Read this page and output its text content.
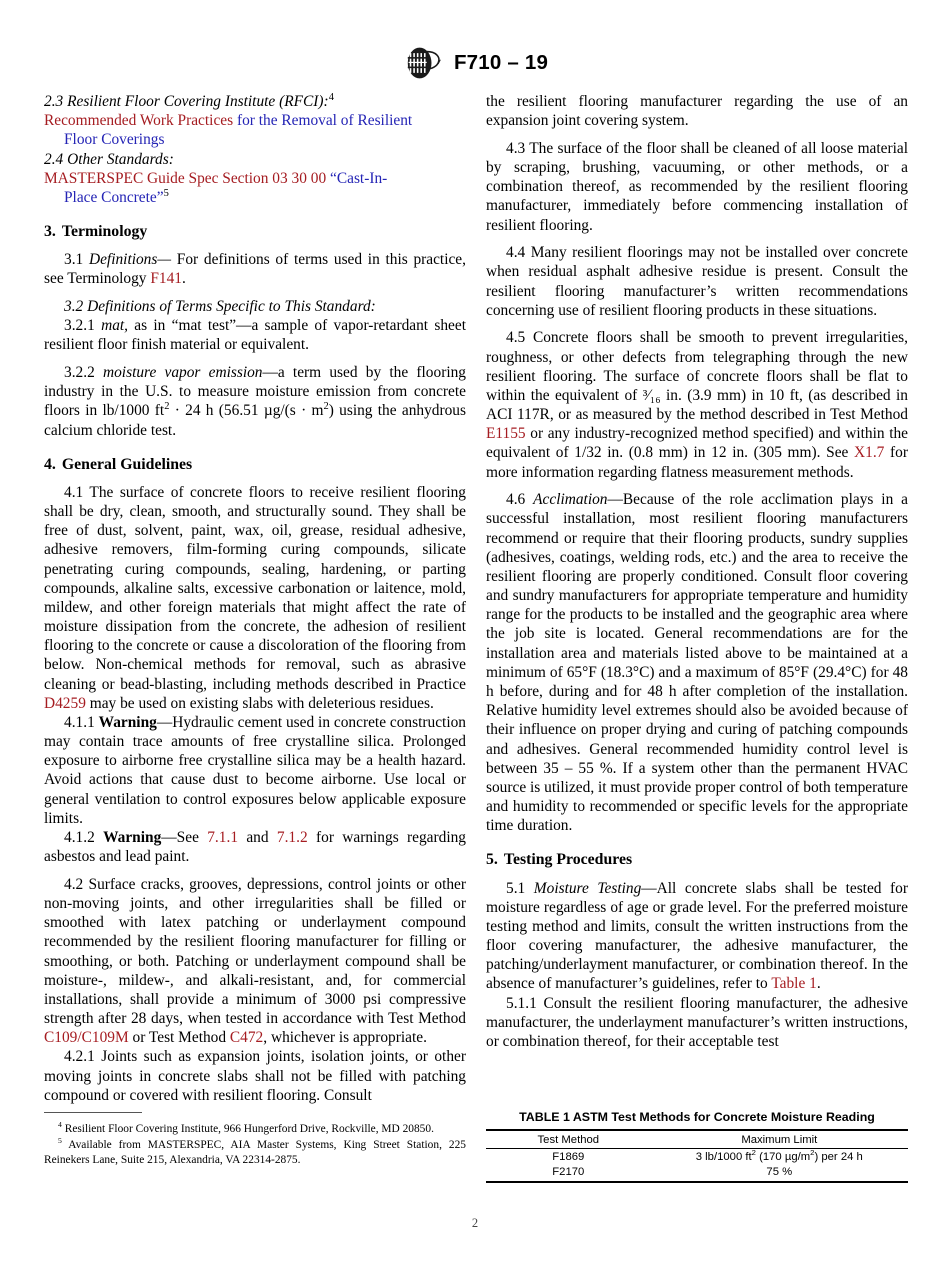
F710 – 19

2.3 Resilient Floor Covering Institute (RFCI):$^4$

Recommended Work Practices for the Removal of Resilient

Floor Coverings

2.4 Other Standards:

MASTERSPEC Guide Spec Section 03 30 00 “Cast-In-

Place Concrete”$^5$

3. Terminology

3.1 Definitions— For definitions of terms used in this practice, see Terminology F141.

3.2 Definitions of Terms Specific to This Standard:

3.2.1 mat, as in “mat test”—a sample of vapor-retardant sheet resilient floor finish material or equivalent.

3.2.2 moisture vapor emission—a term used by the flooring industry in the U.S. to measure moisture emission from concrete floors in lb/1000 $ft^2 \cdot 24$ h (56.51 $\mu g/(s \cdot m^2)$ using the anhydrous calcium chloride test.

4. General Guidelines

4.1 The surface of concrete floors to receive resilient flooring shall be dry, clean, smooth, and structurally sound. They shall be free of dust, solvent, paint, wax, oil, grease, residual adhesive, adhesive removers, film-forming curing compounds, silicate penetrating curing compounds, sealing, hardening, or parting compounds, alkaline salts, excessive carbonation or laitence, mold, mildew, and other foreign materials that might affect the rate of moisture dissipation from the concrete, the adhesion of resilient flooring to the concrete or cause a discoloration of the flooring from below. Non-chemical methods for removal, such as abrasive cleaning or bead-blasting, including methods described in Practice D4259 may be used on existing slabs with deleterious residues.

4.1.1 Warning—Hydraulic cement used in concrete construction may contain trace amounts of free crystalline silica. Prolonged exposure to airborne free crystalline silica may be a health hazard. Avoid actions that cause dust to become airborne. Use local or general ventilation to control exposures below applicable exposure limits.

4.1.2 Warning—See 7.1.1 and 7.1.2 for warnings regarding asbestos and lead paint.

4.2 Surface cracks, grooves, depressions, control joints or other non-moving joints, and other irregularities shall be filled or smoothed with latex patching or underlayment compound recommended by the resilient flooring manufacturer for filling or smoothing, or both. Patching or underlayment compound shall be moisture-, mildew-, and alkali-resistant, and, for commercial installations, shall provide a minimum of 3000 psi compressive strength after 28 days, when tested in accordance with Test Method C109/C109M or Test Method C472, whichever is appropriate.

4.2.1 Joints such as expansion joints, isolation joints, or other moving joints in concrete slabs shall not be filled with patching compound or covered with resilient flooring. Consult

the resilient flooring manufacturer regarding the use of an expansion joint covering system.

4.3 The surface of the floor shall be cleaned of all loose material by scraping, brushing, vacuuming, or other methods, or a combination thereof, as recommended by the resilient flooring manufacturer, immediately before commencing installation of resilient flooring.

4.4 Many resilient floorings may not be installed over concrete when residual asphalt adhesive residue is present. Consult the resilient flooring manufacturer’s written recommendations concerning use of resilient flooring products in these situations.

4.5 Concrete floors shall be smooth to prevent irregularities, roughness, or other defects from telegraphing through the new resilient flooring. The surface of concrete floors shall be flat to within the equivalent of ³⁄₁₆ in. (3.9 mm) in 10 ft, (as described in ACI 117R, or as measured by the method described in Test Method E1155 or any industry-recognized method specified) and within the equivalent of 1/32 in. (0.8 mm) in 12 in. (305 mm). See X1.7 for more information regarding flatness measurement methods.

4.6 Acclimation—Because of the role acclimation plays in a successful installation, most resilient flooring manufacturers recommend or require that their flooring products, sundry supplies (adhesives, coatings, welding rods, etc.) and the area to receive the resilient flooring are properly conditioned. Consult floor covering and sundry manufacturers for appropriate temperature and humidity range for the products to be installed and the geographic area where the job site is located. General recommendations are for the installation area and materials listed above to be maintained at a minimum of 65°F (18.3°C) and a maximum of 85°F (29.4°C) for 48 h before, during and for 48 h after completion of the installation. Relative humidity level extremes should also be avoided because of their influence on proper drying and curing of patching compounds and adhesives. General recommended humidity control level is between 35 – 55 %. If a system other than the permanent HVAC source is utilized, it must provide proper control of both temperature and humidity to recommended or specific levels for the appropriate time duration.

5. Testing Procedures

5.1 Moisture Testing—All concrete slabs shall be tested for moisture regardless of age or grade level. For the preferred moisture testing method and limits, consult the written instructions from the floor covering manufacturer, the adhesive manufacturer, the patching/underlayment manufacturer, or combination thereof. In the absence of manufacturer’s guidelines, refer to Table 1.

5.1.1 Consult the resilient flooring manufacturer, the adhesive manufacturer, the underlayment manufacturer’s written instructions, or combination thereof, for their acceptable test

$^4$ Resilient Floor Covering Institute, 966 Hungerford Drive, Rockville, MD 20850.

$^5$ Available from MASTERSPEC, AIA Master Systems, King Street Station, 225 Reinekers Lane, Suite 215, Alexandria, VA 22314-2875.

TABLE 1 ASTM Test Methods for Concrete Moisture Reading
Test Method	Maximum Limit
F1869	3 lb/1000 $ft^2$ (170 $\mu g/m^2$) per 24 h
F2170	75 %
2
